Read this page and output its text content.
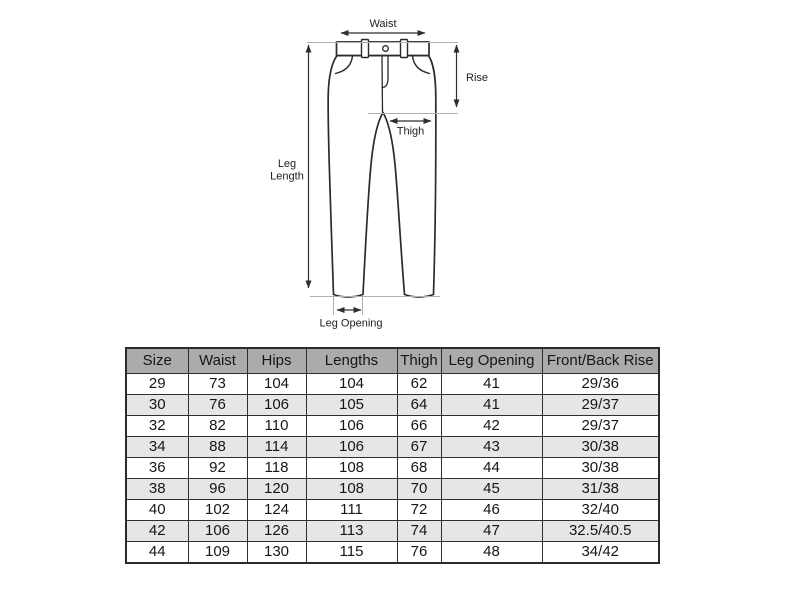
Waist
Rise
Thigh
Leg
Length
Leg Opening
Size	Waist	Hips	Lengths	Thigh	Leg Opening	Front/Back Rise
29	73	104	104	62	41	29/36
30	76	106	105	64	41	29/37
32	82	110	106	66	42	29/37
34	88	114	106	67	43	30/38
36	92	118	108	68	44	30/38
38	96	120	108	70	45	31/38
40	102	124	111	72	46	32/40
42	106	126	113	74	47	32.5/40.5
44	109	130	115	76	48	34/42
